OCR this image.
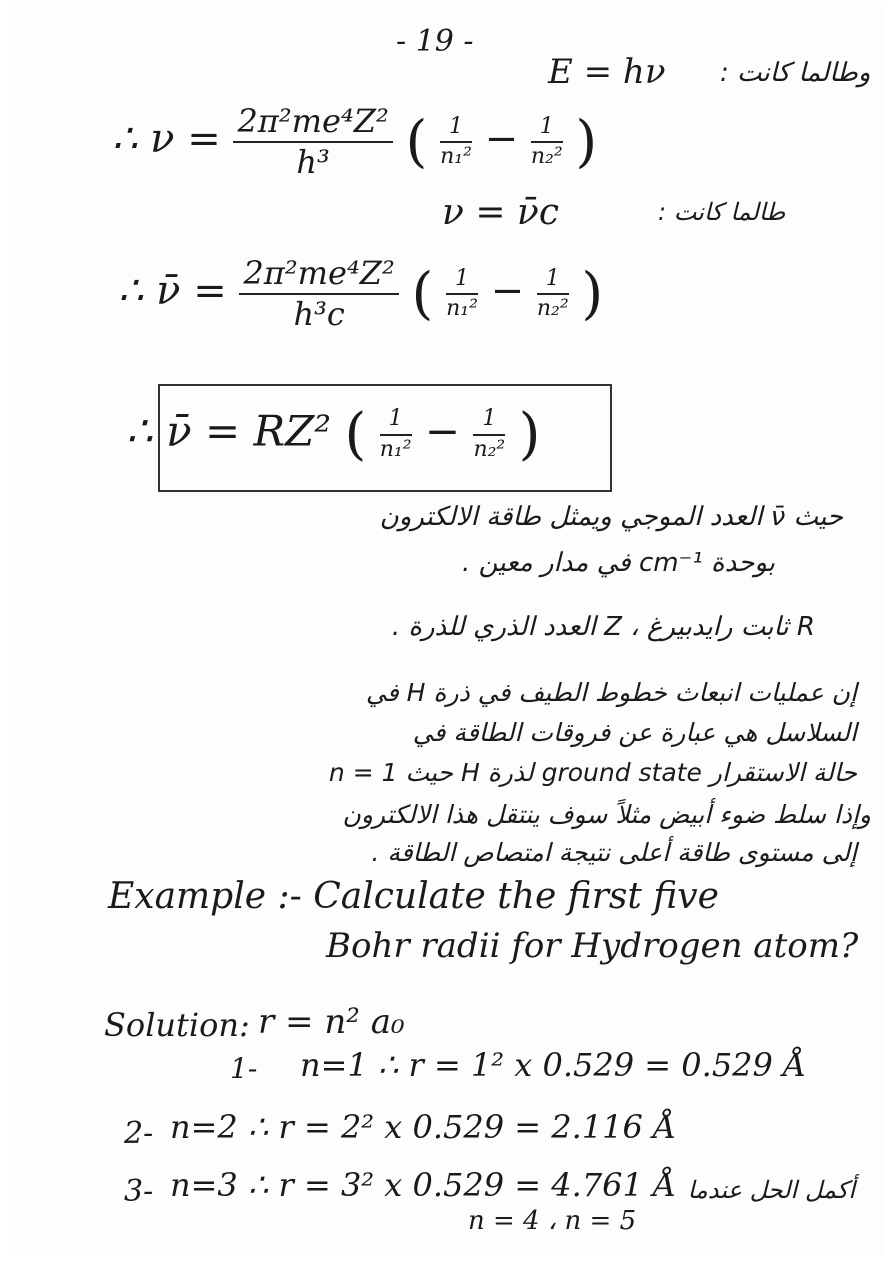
- 19 -
وطالما كانت :
E = hν
∴ $\nu = \frac{\text{2π²me⁴Z²}}{\text{h³}}$ ( $\frac{1}{\text{n₁²}} - \frac{1}{\text{n₂²}}$ )
طالما كانت :
ν = ν̄c
∴ ν̄ = $\frac{\text{2π²me⁴Z²}}{\text{h³c}}$ ( $\frac{1}{\text{n₁²}} - \frac{1}{\text{n₂²}}$ )
∴ ν̄ = RZ² ( $\frac{1}{\text{n₁²}} - \frac{1}{\text{n₂²}}$ )
حيث ν̄ العدد الموجي ويمثل طاقة الالكترون
بوحدة cm⁻¹ في مدار معين .
R ثابت رايدبيرغ ، Z العدد الذري للذرة .
إن عمليات انبعاث خطوط الطيف في ذرة H في
السلاسل هي عبارة عن فروقات الطاقة في
حالة الاستقرار ground state لذرة H حيث n = 1
وإذا سلط ضوء أبيض مثلاً سوف ينتقل هذا الالكترون
إلى مستوى طاقة أعلى نتيجة امتصاص الطاقة .
Example :- Calculate the first five
Bohr radii for Hydrogen atom?
Solution: r = n² a₀
1- n=1 ∴ r = 1² x 0.529 = 0.529 Å
2- n=2 ∴ r = 2² x 0.529 = 2.116 Å
3- n=3 ∴ r = 3² x 0.529 = 4.761 Å أكمل الحل عندما
n = 4 ، n = 5
